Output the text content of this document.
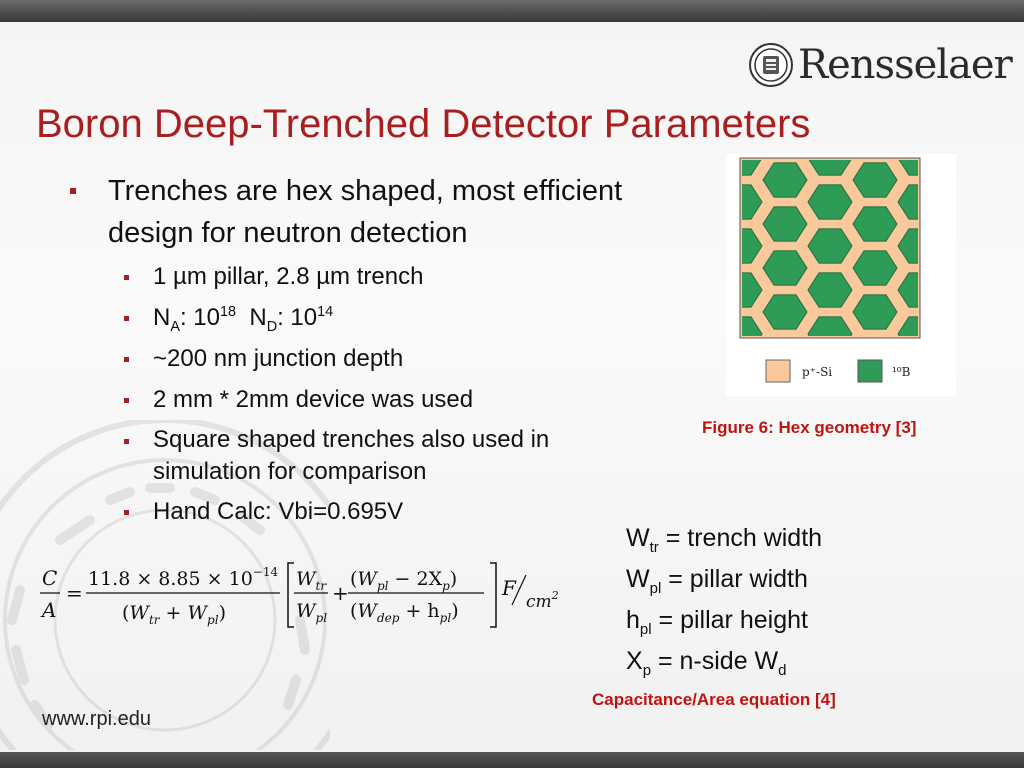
Rensselaer
Boron Deep-Trenched Detector Parameters

Trenches are hex shaped, most efficient design for neutron detection

1 µm pillar, 2.8 µm trench
$N_A$: $10^{18}$ $N_D$: $10^{14}$
~200 nm junction depth
2 mm * 2mm device was used
Square shaped trenches also used in simulation for comparison
Hand Calc: Vbi=0.695V
p⁺-Si	¹⁰B

Figure 6: Hex geometry [3]

C
A
=
$11.8 \times 8.85 \times 10^{-14}$
$(W_{tr} + W_{pl})$
$W_{tr}$
$W_{pl}$
+
$(W_{pl} - 2X_p)$
$(W_{dep} + h_{pl})$
F
$cm^2$
$W_{tr}$ = trench width
$W_{pl}$ = pillar width
$h_{pl}$ = pillar height
$X_p$ = n-side $W_d$

Capacitance/Area equation [4]

www.rpi.edu
